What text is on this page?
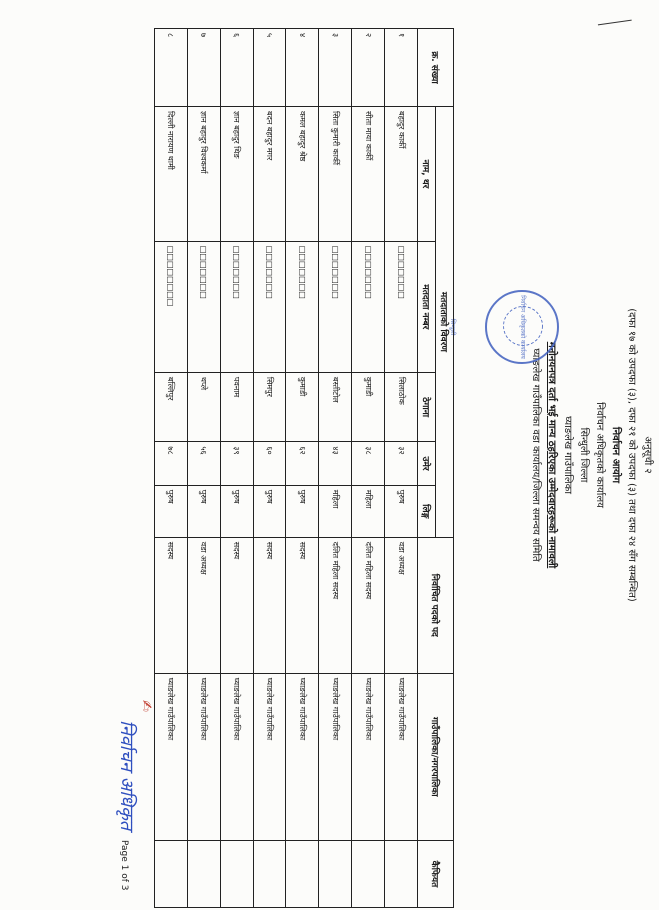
अनुसूची २
(दफा १७ को उपदफा (३), दफा २१ को उपदफा (३) तथा दफा २४ सँग सम्बन्धित)
निर्वाचन आयोग
निर्वाचन अधिकृतको कार्यालय
सिन्धुली जिल्ला
घ्याङलेख गाउँपालिका
मनोनयनपत्र दर्ता भई मान्य ठहरिएका उम्मेदवारहरूको नामावली
घ्याङलेख गाउँपालिका वडा कार्यालय/जिल्ला समन्वय समिति
निर्वाचन अधिकृतको कार्यालय सिन्धुली
क्र. संख्या	मतदाताको विवरण					निर्वाचित पदको पद	गाउँपालिका/नगरपालिका	कैफियत
	नाम, थर	मतदाता नम्बर	ठेगाना	उमेर	लिङ्ग			
१	बहादुर कार्की	□□□□□□□	सिलाठोक	३२	पुरुष	वडा अध्यक्ष	घ्याङलेख गाउँपालिका	
२	सीता माया कार्की	□□□□□□□	कुमाडी	३८	महिला	दलित महिला सदस्य	घ्याङलेख गाउँपालिका	
३	सिता कुमारी कार्की	□□□□□□□	बस्तीटोल	४३	महिला	दलित महिला सदस्य	घ्याङलेख गाउँपालिका	
४	कमल बहादुर श्रेष्ठ	□□□□□□□	कुमाडी	६२	पुरुष	सदस्य	घ्याङलेख गाउँपालिका	
५	बदन बहादुर मगर	□□□□□□□	सिमपुर	६०	पुरुष	सदस्य	घ्याङलेख गाउँपालिका	
६	ज्ञान बहादुर थिङ	□□□□□□□	पवनाम	३९	पुरुष	सदस्य	घ्याङलेख गाउँपालिका	
७	ज्ञान बहादुर विश्वकर्मा	□□□□□□□	थप्ले	५६	पुरुष	वडा अध्यक्ष	घ्याङलेख गाउँपालिका	
८	दिल्ली नारायण थामी	□□□□□□□□	बल्लिपुर	७८	पुरुष	सदस्य	घ्याङलेख गाउँपालिका	
✍
निर्वाचन अधिकृत
Page 1 of 3
